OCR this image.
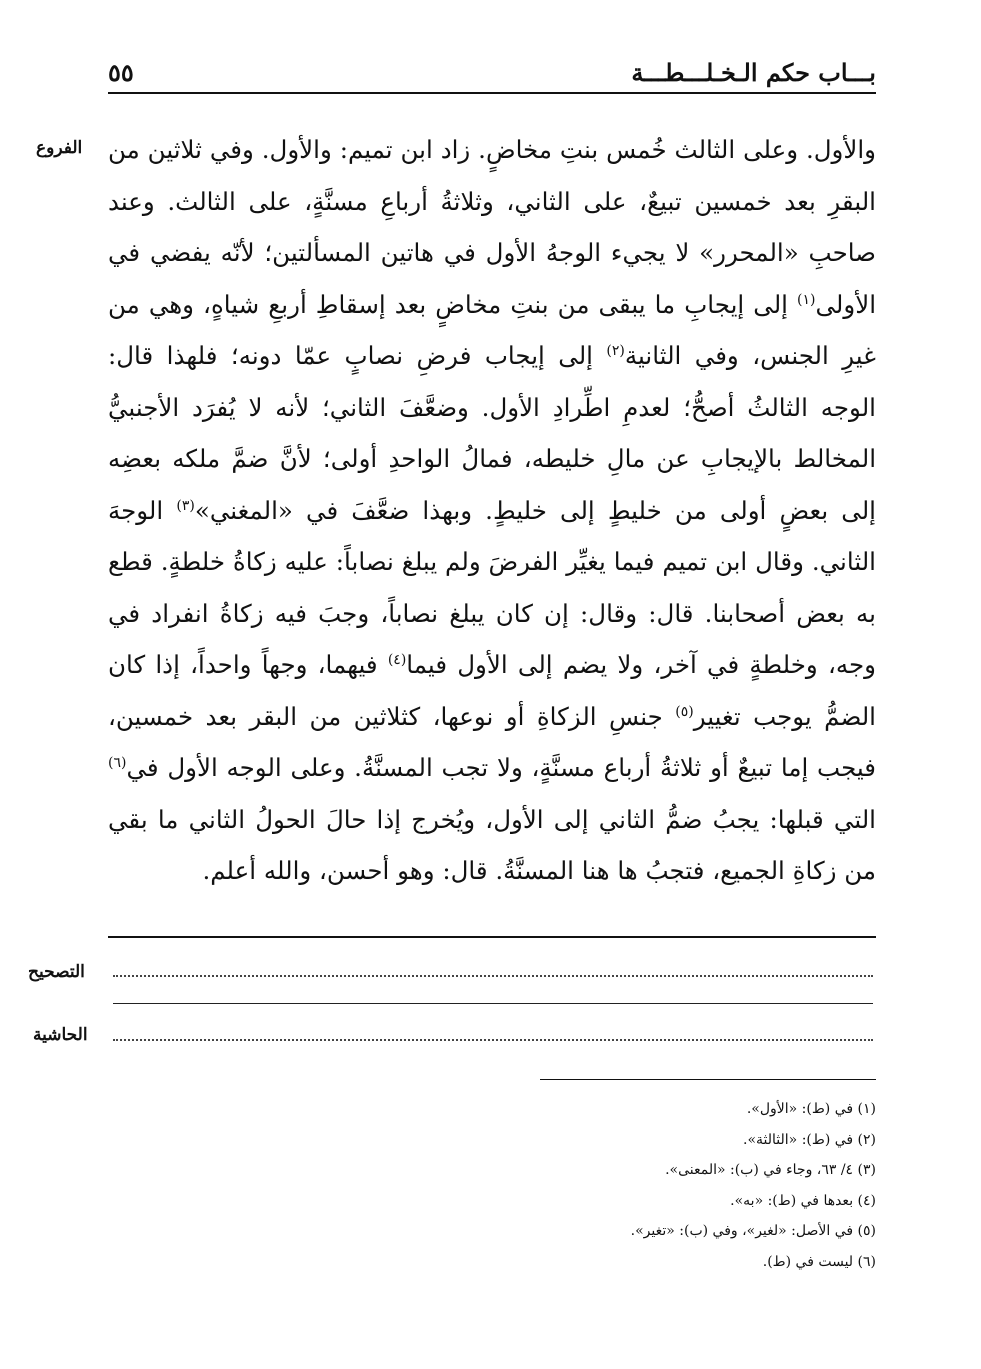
بـــاب حكم الـخـلـــطـــة
٥٥
الفروع والأول. وعلى الثالث خُمس بنتِ مخاضٍ. زاد ابن تميم: والأول. وفي ثلاثين من البقرِ بعد خمسين تبيعٌ، على الثاني، وثلاثةُ أرباعِ مسنَّةٍ، على الثالث. وعند صاحبِ «المحرر» لا يجيء الوجهُ الأول في هاتين المسألتين؛ لأنّه يفضي في الأولى$^{(١)}$ إلى إيجابِ ما يبقى من بنتِ مخاضٍ بعد إسقاطِ أربعِ شياهٍ، وهي من غيرِ الجنس، وفي الثانية$^{(٢)}$ إلى إيجاب فرضِ نصابٍ عمّا دونه؛ فلهذا قال: الوجه الثالثُ أصحُّ؛ لعدمِ اطِّرادِ الأول. وضعَّفَ الثاني؛ لأنه لا يُفرَد الأجنبيُّ المخالط بالإيجابِ عن مالِ خليطه، فمالُ الواحدِ أولى؛ لأنَّ ضمَّ ملكه بعضِه إلى بعضٍ أولى من خليطٍ إلى خليطٍ. وبهذا ضعَّفَ في «المغني»$^{(٣)}$ الوجهَ الثاني. وقال ابن تميم فيما يغيِّر الفرضَ ولم يبلغ نصاباً: عليه زكاةُ خلطةٍ. قطع به بعض أصحابنا. قال: وقال: إن كان يبلغ نصاباً، وجبَ فيه زكاةُ انفراد في وجه، وخلطةٍ في آخر، ولا يضم إلى الأول فيما$^{(٤)}$ فيهما، وجهاً واحداً، إذا كان الضمُّ يوجب تغيير$^{(٥)}$ جنسِ الزكاةِ أو نوعها، كثلاثين من البقر بعد خمسين، فيجب إما تبيعٌ أو ثلاثةُ أرباع مسنَّةٍ، ولا تجب المسنَّةُ. وعلى الوجه الأول في$^{(٦)}$ التي قبلها: يجبُ ضمُّ الثاني إلى الأول، ويُخرج إذا حالَ الحولُ الثاني ما بقي من زكاةِ الجميع، فتجبُ ها هنا المسنَّةُ. قال: وهو أحسن، والله أعلم.

التصحيح
الحاشية

(١) في (ط): «الأول».

(٢) في (ط): «الثالثة».

(٣) ٤/ ٦٣، وجاء في (ب): «المعنى».

(٤) بعدها في (ط): «به».

(٥) في الأصل: «لغير»، وفي (ب): «تغير».

(٦) ليست في (ط).
